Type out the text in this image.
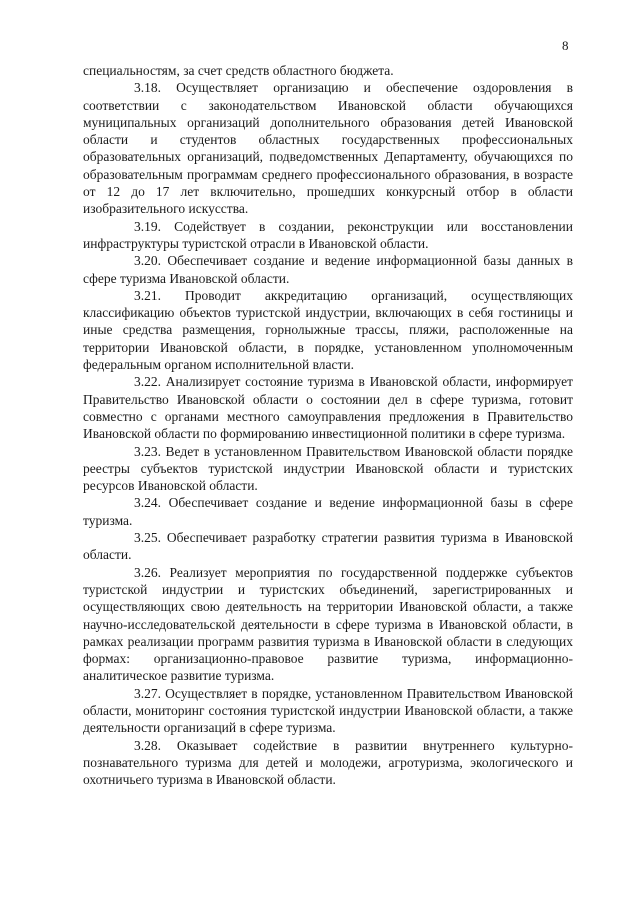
8

специальностям, за счет средств областного бюджета.

3.18. Осуществляет организацию и обеспечение оздоровления в соответствии с законодательством Ивановской области обучающихся муниципальных организаций дополнительного образования детей Ивановской области и студентов областных государственных профессиональных образовательных организаций, подведомственных Департаменту, обучающихся по образовательным программам среднего профессионального образования, в возрасте от 12 до 17 лет включительно, прошедших конкурсный отбор в области изобразительного искусства.

3.19. Содействует в создании, реконструкции или восстановлении инфраструктуры туристской отрасли в Ивановской области.

3.20. Обеспечивает создание и ведение информационной базы данных в сфере туризма Ивановской области.

3.21. Проводит аккредитацию организаций, осуществляющих классификацию объектов туристской индустрии, включающих в себя гостиницы и иные средства размещения, горнолыжные трассы, пляжи, расположенные на территории Ивановской области, в порядке, установленном уполномоченным федеральным органом исполнительной власти.

3.22. Анализирует состояние туризма в Ивановской области, информирует Правительство Ивановской области о состоянии дел в сфере туризма, готовит совместно с органами местного самоуправления предложения в Правительство Ивановской области по формированию инвестиционной политики в сфере туризма.

3.23. Ведет в установленном Правительством Ивановской области порядке реестры субъектов туристской индустрии Ивановской области и туристских ресурсов Ивановской области.

3.24. Обеспечивает создание и ведение информационной базы в сфере туризма.

3.25. Обеспечивает разработку стратегии развития туризма в Ивановской области.

3.26. Реализует мероприятия по государственной поддержке субъектов туристской индустрии и туристских объединений, зарегистрированных и осуществляющих свою деятельность на территории Ивановской области, а также научно-исследовательской деятельности в сфере туризма в Ивановской области, в рамках реализации программ развития туризма в Ивановской области в следующих формах: организационно-правовое развитие туризма, информационно-аналитическое развитие туризма.

3.27. Осуществляет в порядке, установленном Правительством Ивановской области, мониторинг состояния туристской индустрии Ивановской области, а также деятельности организаций в сфере туризма.

3.28. Оказывает содействие в развитии внутреннего культурно-познавательного туризма для детей и молодежи, агротуризма, экологического и охотничьего туризма в Ивановской области.
